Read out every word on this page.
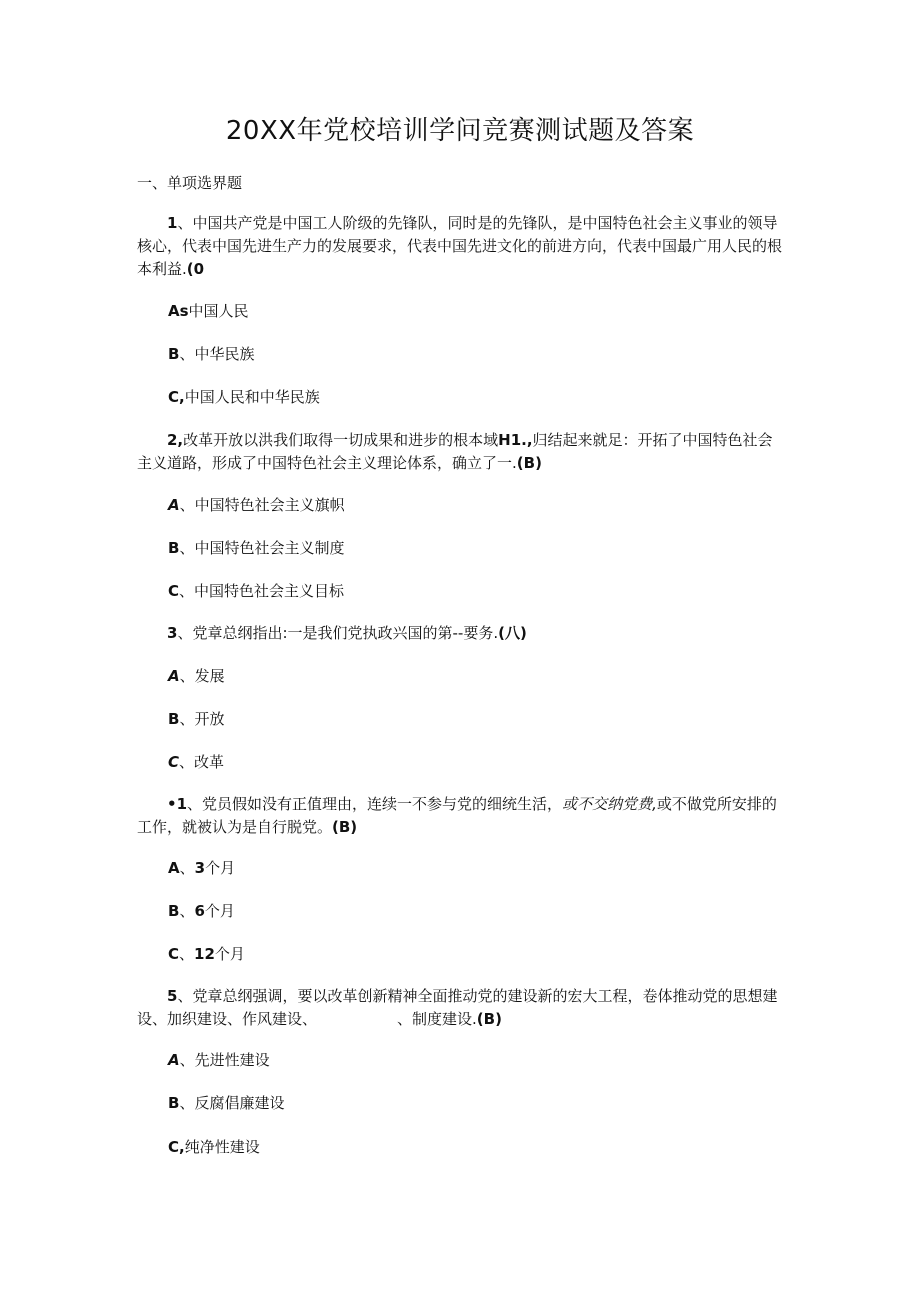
20XX年党校培训学问竞赛测试题及答案
一、单项选界题
1、中国共产党是中国工人阶级的先锋队，同时是的先锋队，是中国特色社会主义事业的领导核心，代表中国先进生产力的发展要求，代表中国先进文化的前进方向，代表中国最广用人民的根本利益.(0
As中国人民
B、中华民族
C,中国人民和中华民族
2,改革开放以洪我们取得一切成果和进步的根本域H1.,归结起来就足：开拓了中国特色社会主义道路，形成了中国特色社会主义理论体系，确立了一.(B)
A、中国特色社会主义旗帜
B、中国特色社会主义制度
C、中国特色社会主义目标
3、党章总纲指出:一是我们党执政兴国的第--要务.(八)
A、发展
B、开放
C、改革
•1、党员假如没有正值理由，连续一不参与党的细统生活，或不交纳党费,或不做党所安排的工作，就被认为是自行脱党。(B)
A、3个月
B、6个月
C、12个月
5、党章总纲强调，要以改革创新精神全面推动党的建设新的宏大工程，卷体推动党的思想建设、加织建设、作风建设、	、制度建设.(B)
A、先进性建设
B、反腐倡廉建设
C,纯净性建设
